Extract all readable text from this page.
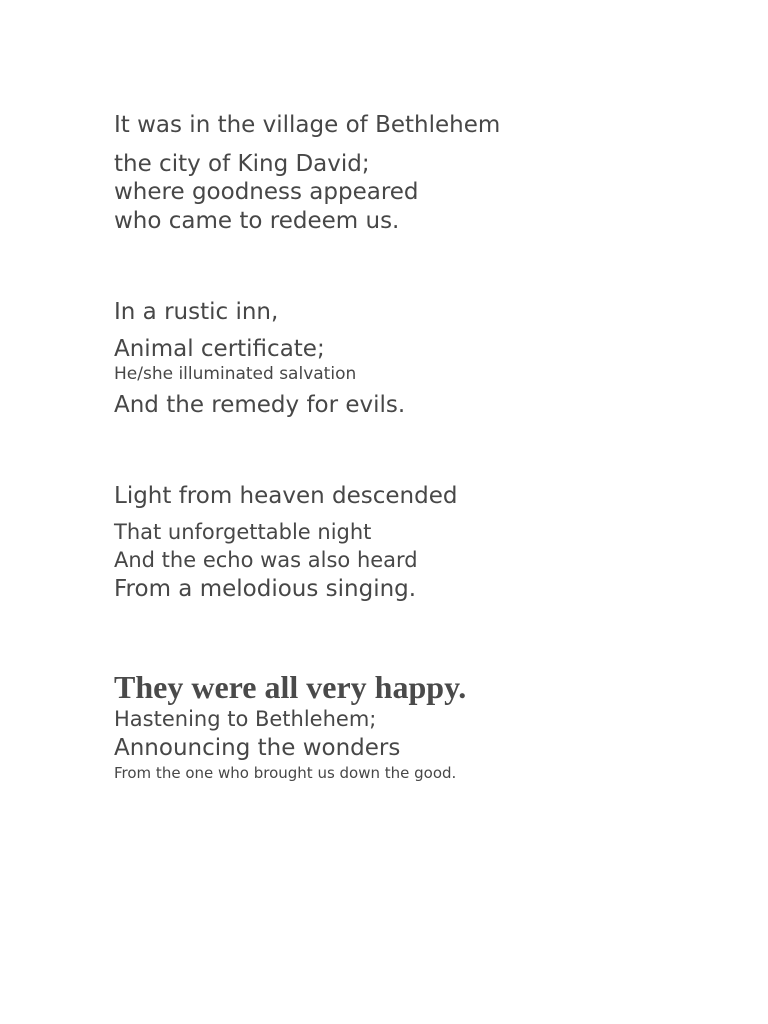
It was in the village of Bethlehem

the city of King David;

where goodness appeared

who came to redeem us.

In a rustic inn,

Animal certificate;

He/she illuminated salvation

And the remedy for evils.

Light from heaven descended

That unforgettable night

And the echo was also heard

From a melodious singing.

They were all very happy.

Hastening to Bethlehem;

Announcing the wonders

From the one who brought us down the good.
